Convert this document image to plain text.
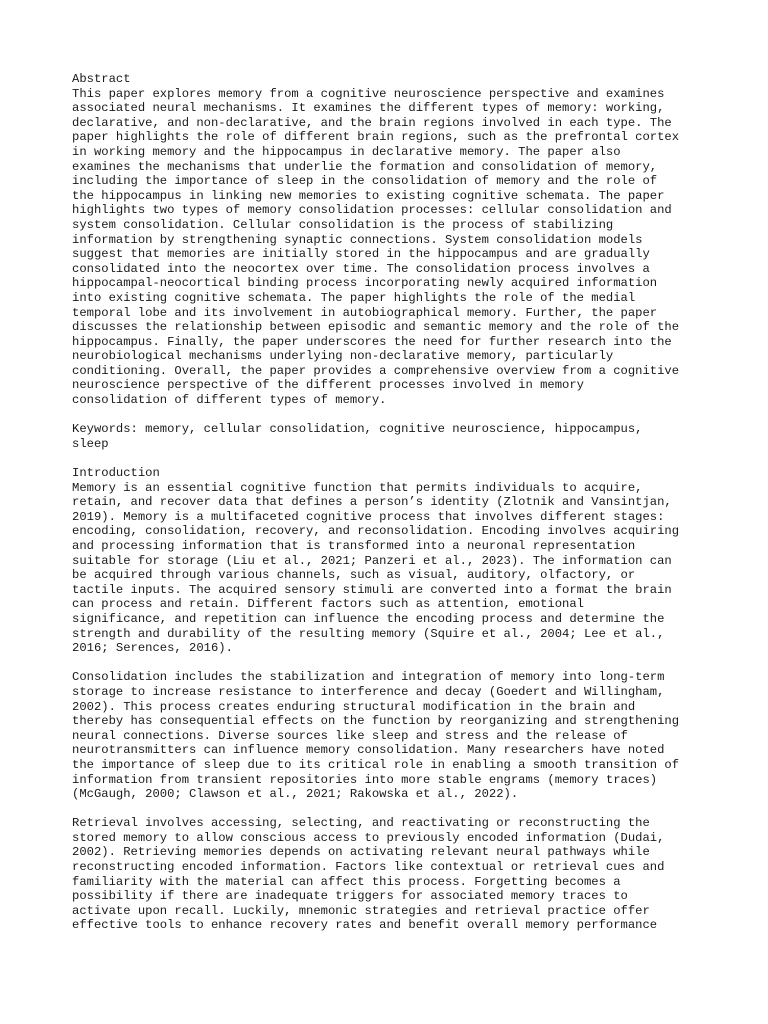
Abstract
This paper explores memory from a cognitive neuroscience perspective and examines
associated neural mechanisms. It examines the different types of memory: working,
declarative, and non-declarative, and the brain regions involved in each type. The
paper highlights the role of different brain regions, such as the prefrontal cortex
in working memory and the hippocampus in declarative memory. The paper also
examines the mechanisms that underlie the formation and consolidation of memory,
including the importance of sleep in the consolidation of memory and the role of
the hippocampus in linking new memories to existing cognitive schemata. The paper
highlights two types of memory consolidation processes: cellular consolidation and
system consolidation. Cellular consolidation is the process of stabilizing
information by strengthening synaptic connections. System consolidation models
suggest that memories are initially stored in the hippocampus and are gradually
consolidated into the neocortex over time. The consolidation process involves a
hippocampal-neocortical binding process incorporating newly acquired information
into existing cognitive schemata. The paper highlights the role of the medial
temporal lobe and its involvement in autobiographical memory. Further, the paper
discusses the relationship between episodic and semantic memory and the role of the
hippocampus. Finally, the paper underscores the need for further research into the
neurobiological mechanisms underlying non-declarative memory, particularly
conditioning. Overall, the paper provides a comprehensive overview from a cognitive
neuroscience perspective of the different processes involved in memory
consolidation of different types of memory.
Keywords: memory, cellular consolidation, cognitive neuroscience, hippocampus,
sleep
Introduction
Memory is an essential cognitive function that permits individuals to acquire,
retain, and recover data that defines a person’s identity (Zlotnik and Vansintjan,
2019). Memory is a multifaceted cognitive process that involves different stages:
encoding, consolidation, recovery, and reconsolidation. Encoding involves acquiring
and processing information that is transformed into a neuronal representation
suitable for storage (Liu et al., 2021; Panzeri et al., 2023). The information can
be acquired through various channels, such as visual, auditory, olfactory, or
tactile inputs. The acquired sensory stimuli are converted into a format the brain
can process and retain. Different factors such as attention, emotional
significance, and repetition can influence the encoding process and determine the
strength and durability of the resulting memory (Squire et al., 2004; Lee et al.,
2016; Serences, 2016).
Consolidation includes the stabilization and integration of memory into long-term
storage to increase resistance to interference and decay (Goedert and Willingham,
2002). This process creates enduring structural modification in the brain and
thereby has consequential effects on the function by reorganizing and strengthening
neural connections. Diverse sources like sleep and stress and the release of
neurotransmitters can influence memory consolidation. Many researchers have noted
the importance of sleep due to its critical role in enabling a smooth transition of
information from transient repositories into more stable engrams (memory traces)
(McGaugh, 2000; Clawson et al., 2021; Rakowska et al., 2022).
Retrieval involves accessing, selecting, and reactivating or reconstructing the
stored memory to allow conscious access to previously encoded information (Dudai,
2002). Retrieving memories depends on activating relevant neural pathways while
reconstructing encoded information. Factors like contextual or retrieval cues and
familiarity with the material can affect this process. Forgetting becomes a
possibility if there are inadequate triggers for associated memory traces to
activate upon recall. Luckily, mnemonic strategies and retrieval practice offer
effective tools to enhance recovery rates and benefit overall memory performance
